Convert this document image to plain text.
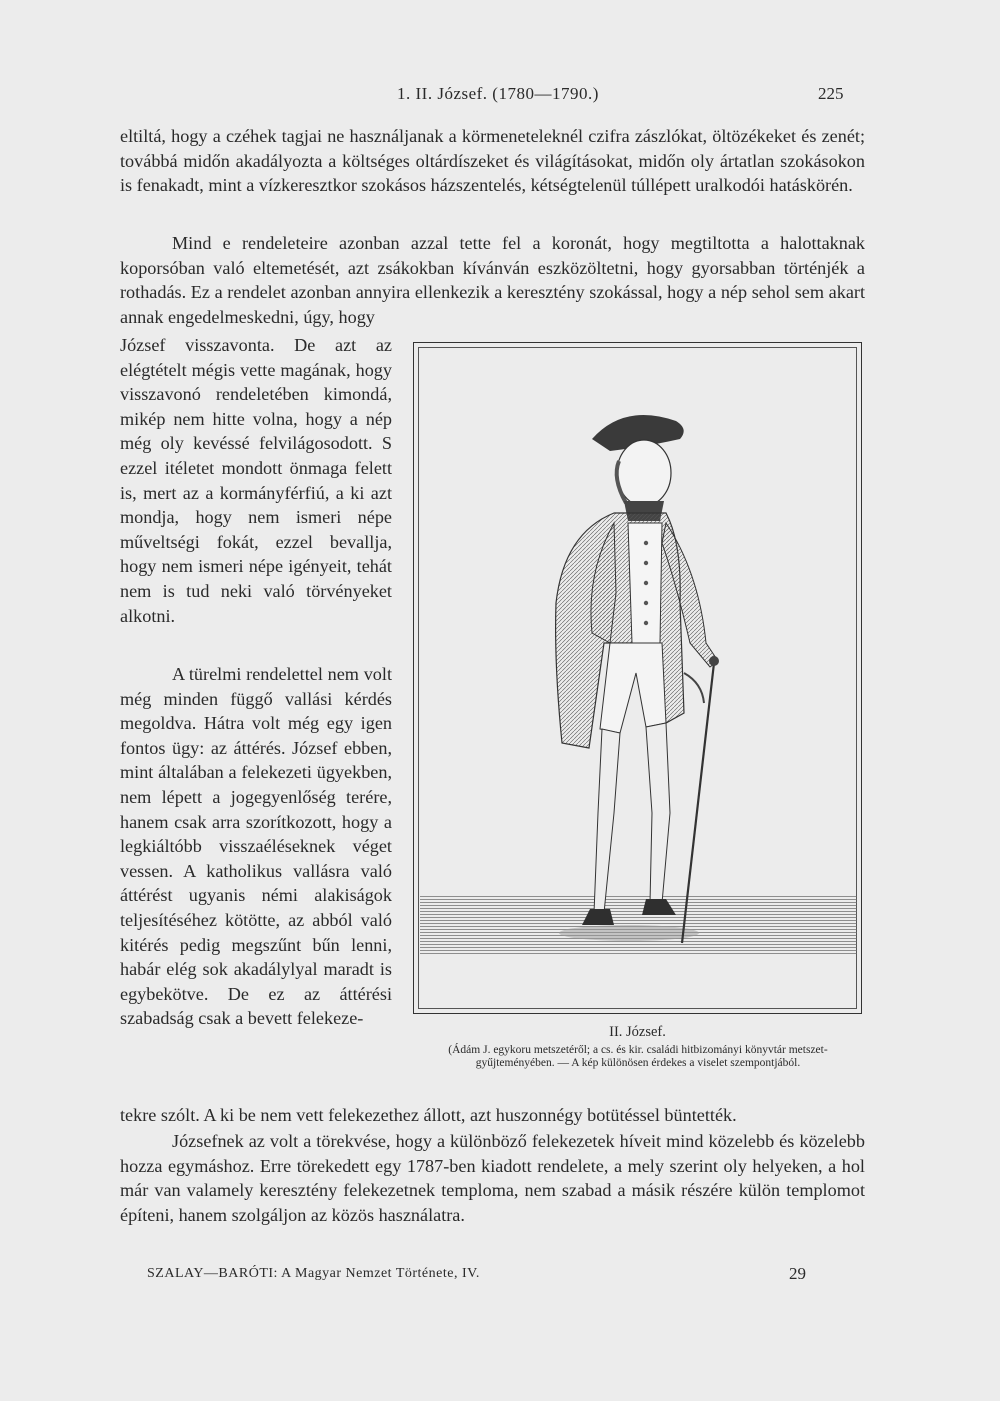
1. II. József. (1780—1790.)	225

eltiltá, hogy a czéhek tagjai ne használjanak a körmeneteleknél czifra zászlókat, öltözékeket és zenét; továbbá midőn akadályozta a költséges oltárdíszeket és világításokat, midőn oly ártatlan szokásokon is fenakadt, mint a vízkeresztkor szokásos házszentelés, kétségtelenül túllépett uralkodói hatáskörén.

Mind e rendeleteire azonban azzal tette fel a koronát, hogy megtiltotta a halottaknak koporsóban való eltemetését, azt zsákokban kívánván eszközöltetni, hogy gyorsabban történjék a rothadás. Ez a rendelet azonban annyira ellenkezik a keresztény szokással, hogy a nép sehol sem akart annak engedelmeskedni, úgy, hogy

József visszavonta. De azt az elégtételt mégis vette magának, hogy visszavonó rendeletében kimondá, mikép nem hitte volna, hogy a nép még oly kevéssé felvilágosodott. S ezzel itéletet mondott önmaga felett is, mert az a kormányférfiú, a ki azt mondja, hogy nem ismeri népe műveltségi fokát, ezzel bevallja, hogy nem ismeri népe igényeit, tehát nem is tud neki való törvényeket alkotni.

A türelmi rendelettel nem volt még minden függő vallási kérdés megoldva. Hátra volt még egy igen fontos ügy: az áttérés. József ebben, mint általában a felekezeti ügyekben, nem lépett a jogegyenlőség terére, hanem csak arra szorítkozott, hogy a legkiáltóbb visszaéléseknek véget vessen. A katholikus vallásra való áttérést ugyanis némi alakiságok teljesítéséhez kötötte, az abból való kitérés pedig megszűnt bűn lenni, habár elég sok akadálylyal maradt is egybekötve. De ez az áttérési szabadság csak a bevett felekeze-

tekre szólt. A ki be nem vett felekezethez állott, azt huszonnégy botütéssel büntették.

Józsefnek az volt a törekvése, hogy a különböző felekezetek híveit mind közelebb és közelebb hozza egymáshoz. Erre törekedett egy 1787-ben kiadott rendelete, a mely szerint oly helyeken, a hol már van valamely keresztény felekezetnek temploma, nem szabad a másik részére külön templomot építeni, hanem szolgáljon az közös használatra.

II. József.
(Ádám J. egykoru metszetéről; a cs. és kir. családi hitbizományi könyvtár metszet-gyűjteményében. — A kép különösen érdekes a viselet szempontjából.
SZALAY—BARÓTI: A Magyar Nemzet Története, IV.	29
